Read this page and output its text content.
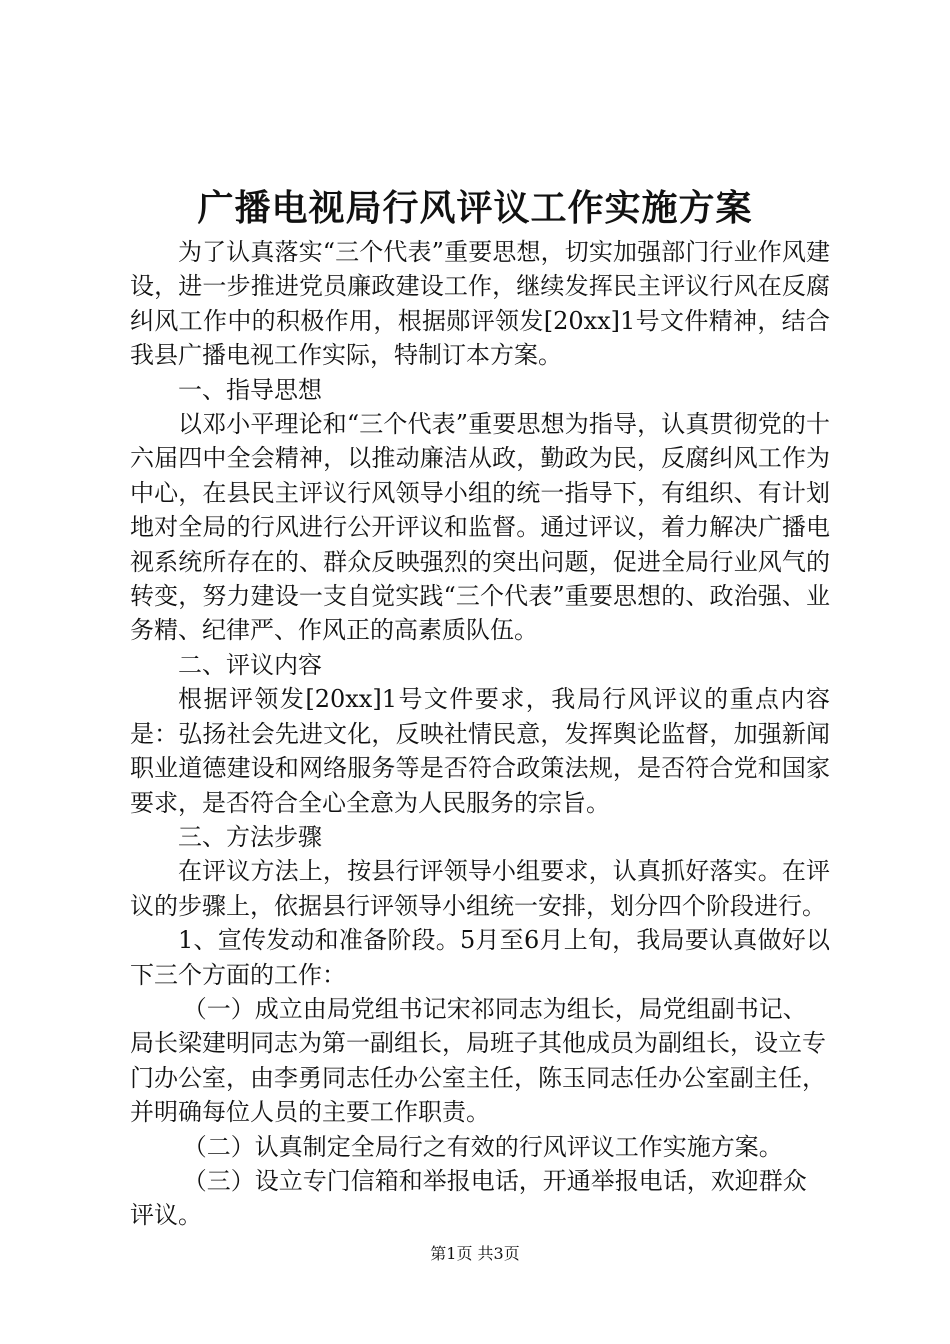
广播电视局行风评议工作实施方案

为了认真落实“三个代表”重要思想，切实加强部门行业作风建设，进一步推进党员廉政建设工作，继续发挥民主评议行风在反腐纠风工作中的积极作用，根据郧评领发[20xx]1号文件精神，结合我县广播电视工作实际，特制订本方案。

一、指导思想

以邓小平理论和“三个代表”重要思想为指导，认真贯彻党的十六届四中全会精神，以推动廉洁从政，勤政为民，反腐纠风工作为中心，在县民主评议行风领导小组的统一指导下，有组织、有计划地对全局的行风进行公开评议和监督。通过评议，着力解决广播电视系统所存在的、群众反映强烈的突出问题，促进全局行业风气的转变，努力建设一支自觉实践“三个代表”重要思想的、政治强、业务精、纪律严、作风正的高素质队伍。

二、评议内容

根据评领发[20xx]1号文件要求，我局行风评议的重点内容是：弘扬社会先进文化，反映社情民意，发挥舆论监督，加强新闻职业道德建设和网络服务等是否符合政策法规，是否符合党和国家要求，是否符合全心全意为人民服务的宗旨。

三、方法步骤

在评议方法上，按县行评领导小组要求，认真抓好落实。在评议的步骤上，依据县行评领导小组统一安排，划分四个阶段进行。

1、宣传发动和准备阶段。5月至6月上旬，我局要认真做好以下三个方面的工作：

（一）成立由局党组书记宋祁同志为组长，局党组副书记、局长梁建明同志为第一副组长，局班子其他成员为副组长，设立专门办公室，由李勇同志任办公室主任，陈玉同志任办公室副主任，并明确每位人员的主要工作职责。

（二）认真制定全局行之有效的行风评议工作实施方案。

（三）设立专门信箱和举报电话，开通举报电话，欢迎群众评议。

第1页 共3页
